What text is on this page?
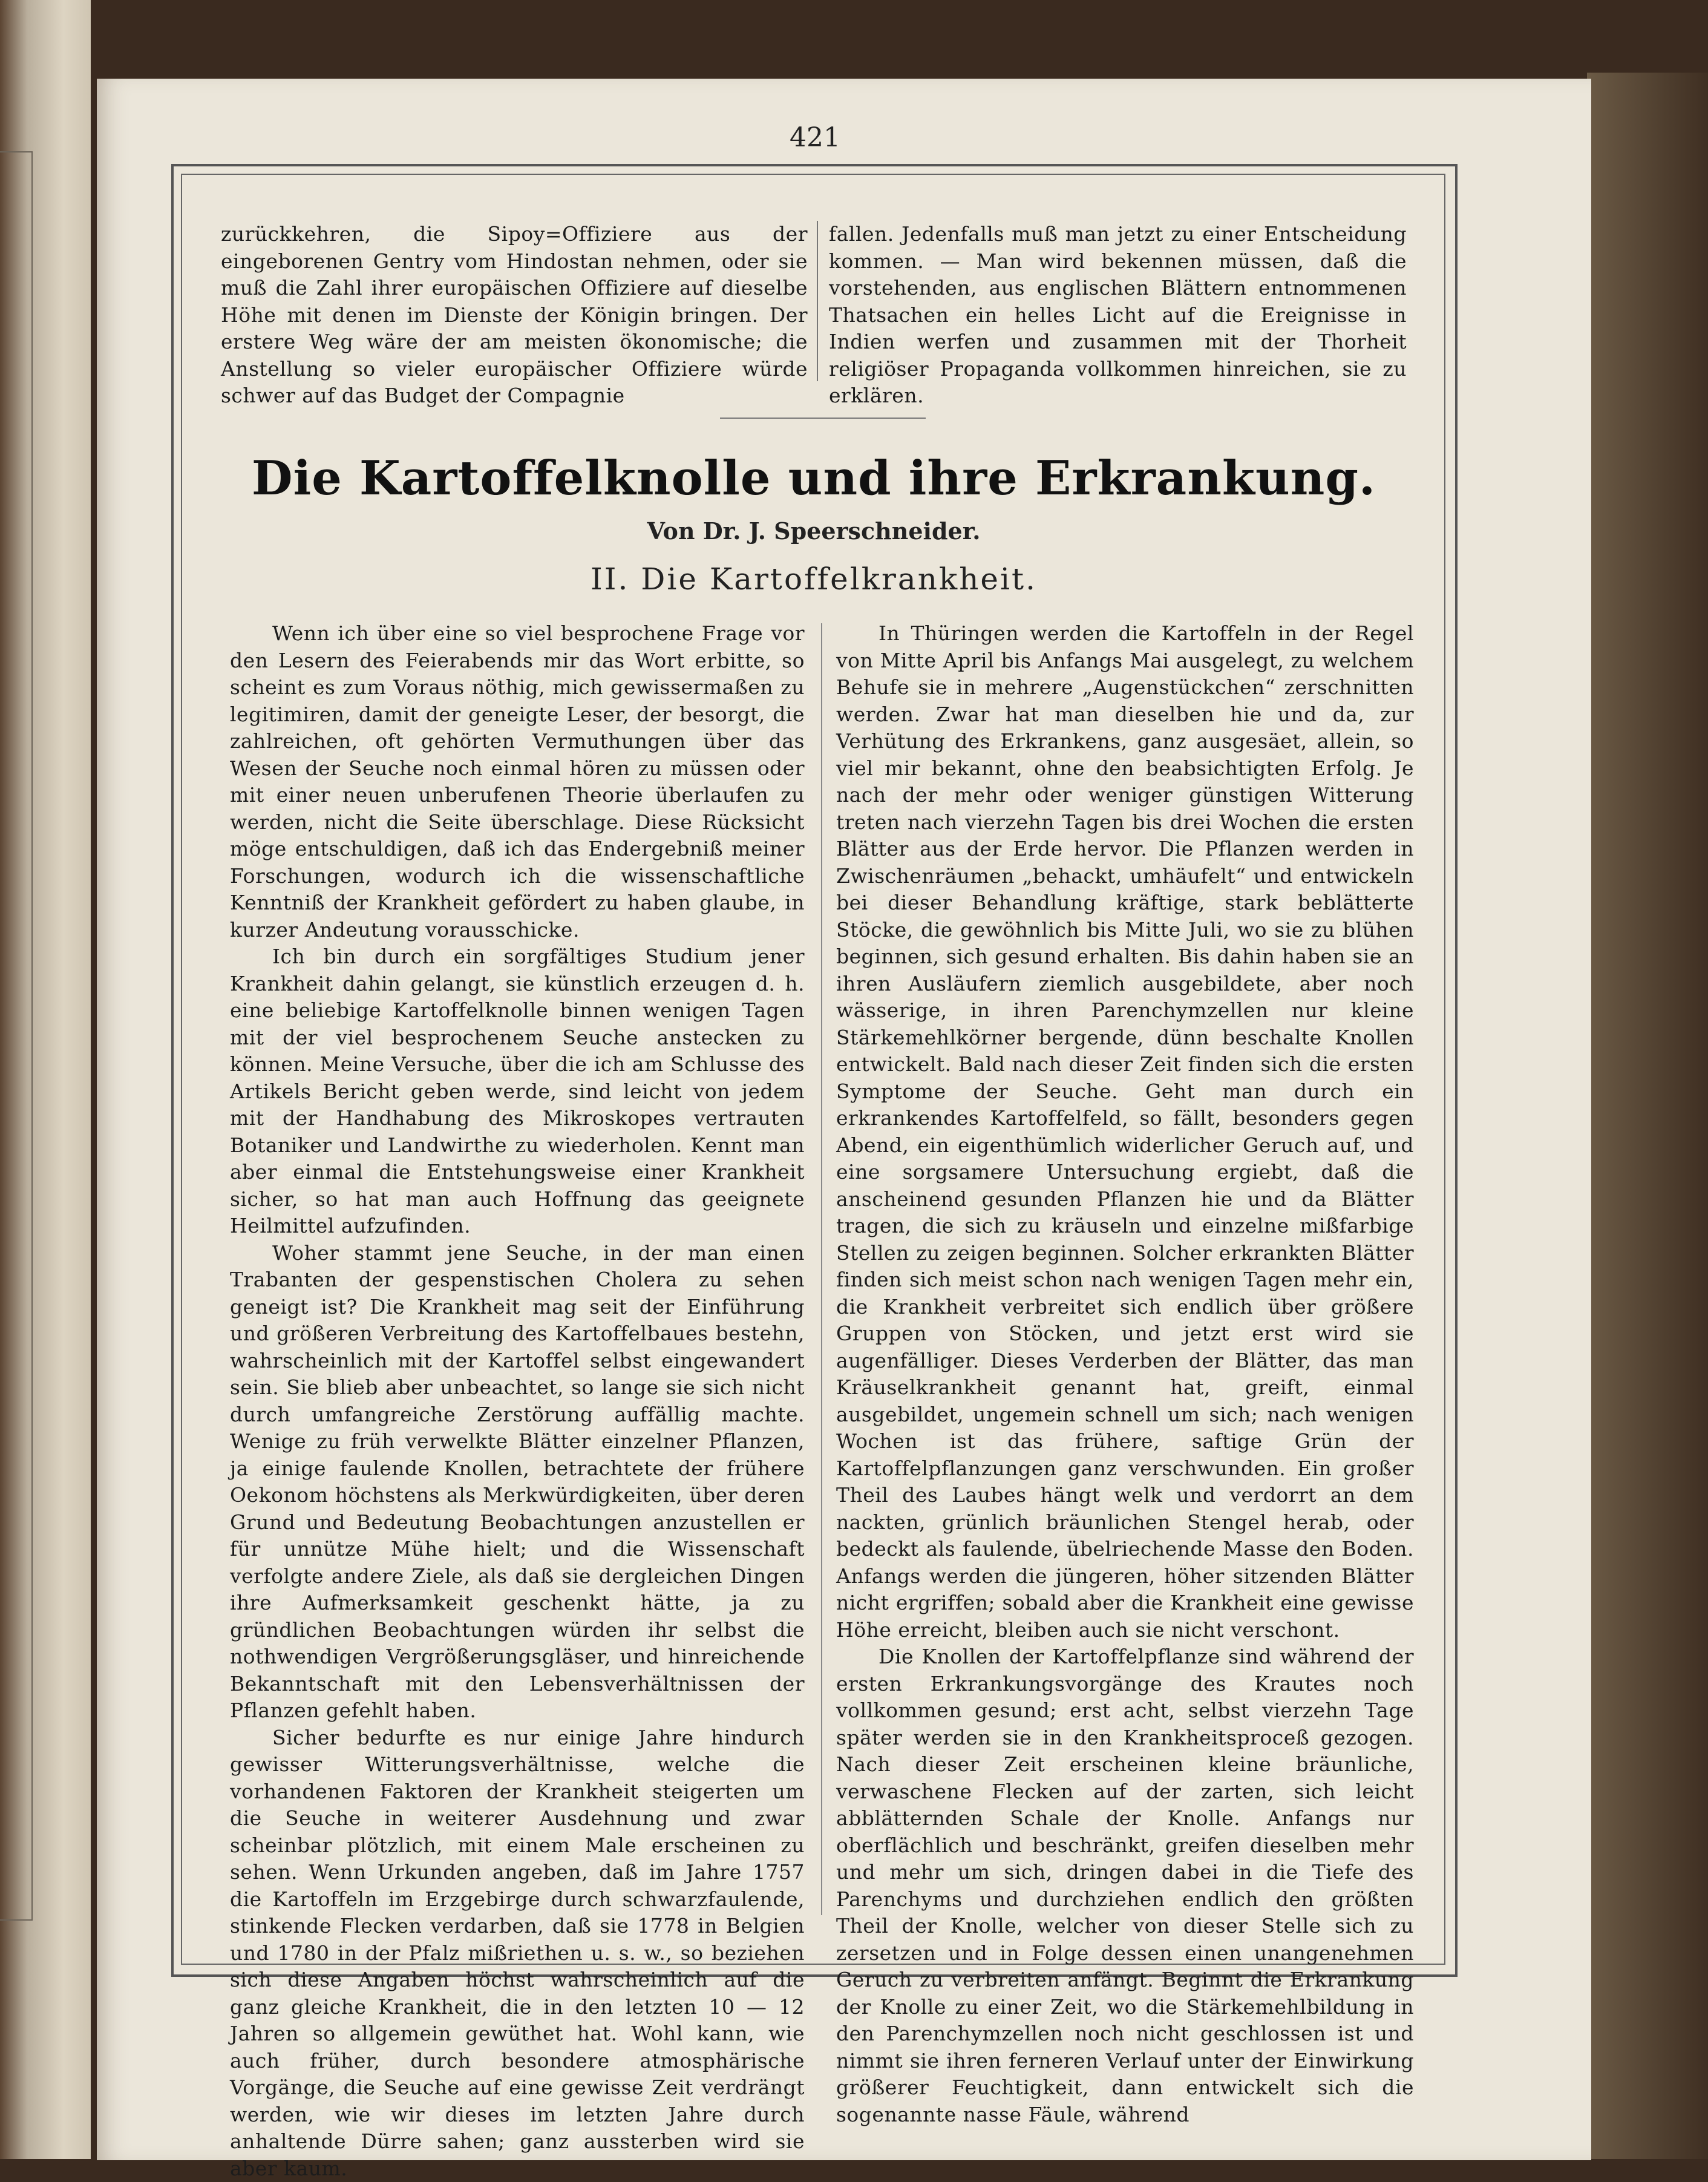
421

zurückkehren, die Sipoy=Offiziere aus der eingeborenen Gentry vom Hindostan nehmen, oder sie muß die Zahl ihrer europäischen Offiziere auf dieselbe Höhe mit denen im Dienste der Königin bringen. Der erstere Weg wäre der am meisten ökonomische; die Anstellung so vieler europäischer Offiziere würde schwer auf das Budget der Compagnie

fallen. Jedenfalls muß man jetzt zu einer Entscheidung kommen. — Man wird bekennen müssen, daß die vorstehenden, aus englischen Blättern entnommenen Thatsachen ein helles Licht auf die Ereignisse in Indien werfen und zusammen mit der Thorheit religiöser Propaganda vollkommen hinreichen, sie zu erklären.

Die Kartoffelknolle und ihre Erkrankung.
Von Dr. J. Speerschneider.
II. Die Kartoffelkrankheit.

Wenn ich über eine so viel besprochene Frage vor den Lesern des Feierabends mir das Wort erbitte, so scheint es zum Voraus nöthig, mich gewissermaßen zu legitimiren, damit der geneigte Leser, der besorgt, die zahlreichen, oft gehörten Vermuthungen über das Wesen der Seuche noch einmal hören zu müssen oder mit einer neuen unberufenen Theorie überlaufen zu werden, nicht die Seite überschlage. Diese Rücksicht möge entschuldigen, daß ich das Endergebniß meiner Forschungen, wodurch ich die wissenschaftliche Kenntniß der Krankheit gefördert zu haben glaube, in kurzer Andeutung vorausschicke.

Ich bin durch ein sorgfältiges Studium jener Krankheit dahin gelangt, sie künstlich erzeugen d. h. eine beliebige Kartoffelknolle binnen wenigen Tagen mit der viel besprochenem Seuche anstecken zu können. Meine Versuche, über die ich am Schlusse des Artikels Bericht geben werde, sind leicht von jedem mit der Handhabung des Mikroskopes vertrauten Botaniker und Landwirthe zu wiederholen. Kennt man aber einmal die Entstehungsweise einer Krankheit sicher, so hat man auch Hoffnung das geeignete Heilmittel aufzufinden.

Woher stammt jene Seuche, in der man einen Trabanten der gespenstischen Cholera zu sehen geneigt ist? Die Krankheit mag seit der Einführung und größeren Verbreitung des Kartoffelbaues bestehn, wahrscheinlich mit der Kartoffel selbst eingewandert sein. Sie blieb aber unbeachtet, so lange sie sich nicht durch umfangreiche Zerstörung auffällig machte. Wenige zu früh verwelkte Blätter einzelner Pflanzen, ja einige faulende Knollen, betrachtete der frühere Oekonom höchstens als Merkwürdigkeiten, über deren Grund und Bedeutung Beobachtungen anzustellen er für unnütze Mühe hielt; und die Wissenschaft verfolgte andere Ziele, als daß sie dergleichen Dingen ihre Aufmerksamkeit geschenkt hätte, ja zu gründlichen Beobachtungen würden ihr selbst die nothwendigen Vergrößerungsgläser, und hinreichende Bekanntschaft mit den Lebensverhältnissen der Pflanzen gefehlt haben.

Sicher bedurfte es nur einige Jahre hindurch gewisser Witterungsverhältnisse, welche die vorhandenen Faktoren der Krankheit steigerten um die Seuche in weiterer Ausdehnung und zwar scheinbar plötzlich, mit einem Male erscheinen zu sehen. Wenn Urkunden angeben, daß im Jahre 1757 die Kartoffeln im Erzgebirge durch schwarzfaulende, stinkende Flecken verdarben, daß sie 1778 in Belgien und 1780 in der Pfalz mißriethen u. s. w., so beziehen sich diese Angaben höchst wahrscheinlich auf die ganz gleiche Krankheit, die in den letzten 10 — 12 Jahren so allgemein gewüthet hat. Wohl kann, wie auch früher, durch besondere atmosphärische Vorgänge, die Seuche auf eine gewisse Zeit verdrängt werden, wie wir dieses im letzten Jahre durch anhaltende Dürre sahen; ganz aussterben wird sie aber kaum.

In Thüringen werden die Kartoffeln in der Regel von Mitte April bis Anfangs Mai ausgelegt, zu welchem Behufe sie in mehrere „Augenstückchen“ zerschnitten werden. Zwar hat man dieselben hie und da, zur Verhütung des Erkrankens, ganz ausgesäet, allein, so viel mir bekannt, ohne den beabsichtigten Erfolg. Je nach der mehr oder weniger günstigen Witterung treten nach vierzehn Tagen bis drei Wochen die ersten Blätter aus der Erde hervor. Die Pflanzen werden in Zwischenräumen „behackt, umhäufelt“ und entwickeln bei dieser Behandlung kräftige, stark beblätterte Stöcke, die gewöhnlich bis Mitte Juli, wo sie zu blühen beginnen, sich gesund erhalten. Bis dahin haben sie an ihren Ausläufern ziemlich ausgebildete, aber noch wässerige, in ihren Parenchymzellen nur kleine Stärkemehlkörner bergende, dünn beschalte Knollen entwickelt. Bald nach dieser Zeit finden sich die ersten Symptome der Seuche. Geht man durch ein erkrankendes Kartoffelfeld, so fällt, besonders gegen Abend, ein eigenthümlich widerlicher Geruch auf, und eine sorgsamere Untersuchung ergiebt, daß die anscheinend gesunden Pflanzen hie und da Blätter tragen, die sich zu kräuseln und einzelne mißfarbige Stellen zu zeigen beginnen. Solcher erkrankten Blätter finden sich meist schon nach wenigen Tagen mehr ein, die Krankheit verbreitet sich endlich über größere Gruppen von Stöcken, und jetzt erst wird sie augenfälliger. Dieses Verderben der Blätter, das man Kräuselkrankheit genannt hat, greift, einmal ausgebildet, ungemein schnell um sich; nach wenigen Wochen ist das frühere, saftige Grün der Kartoffelpflanzungen ganz verschwunden. Ein großer Theil des Laubes hängt welk und verdorrt an dem nackten, grünlich bräunlichen Stengel herab, oder bedeckt als faulende, übelriechende Masse den Boden. Anfangs werden die jüngeren, höher sitzenden Blätter nicht ergriffen; sobald aber die Krankheit eine gewisse Höhe erreicht, bleiben auch sie nicht verschont.

Die Knollen der Kartoffelpflanze sind während der ersten Erkrankungsvorgänge des Krautes noch vollkommen gesund; erst acht, selbst vierzehn Tage später werden sie in den Krankheitsproceß gezogen. Nach dieser Zeit erscheinen kleine bräunliche, verwaschene Flecken auf der zarten, sich leicht abblätternden Schale der Knolle. Anfangs nur oberflächlich und beschränkt, greifen dieselben mehr und mehr um sich, dringen dabei in die Tiefe des Parenchyms und durchziehen endlich den größten Theil der Knolle, welcher von dieser Stelle sich zu zersetzen und in Folge dessen einen unangenehmen Geruch zu verbreiten anfängt. Beginnt die Erkrankung der Knolle zu einer Zeit, wo die Stärkemehlbildung in den Parenchymzellen noch nicht geschlossen ist und nimmt sie ihren ferneren Verlauf unter der Einwirkung größerer Feuchtigkeit, dann entwickelt sich die sogenannte nasse Fäule, während
